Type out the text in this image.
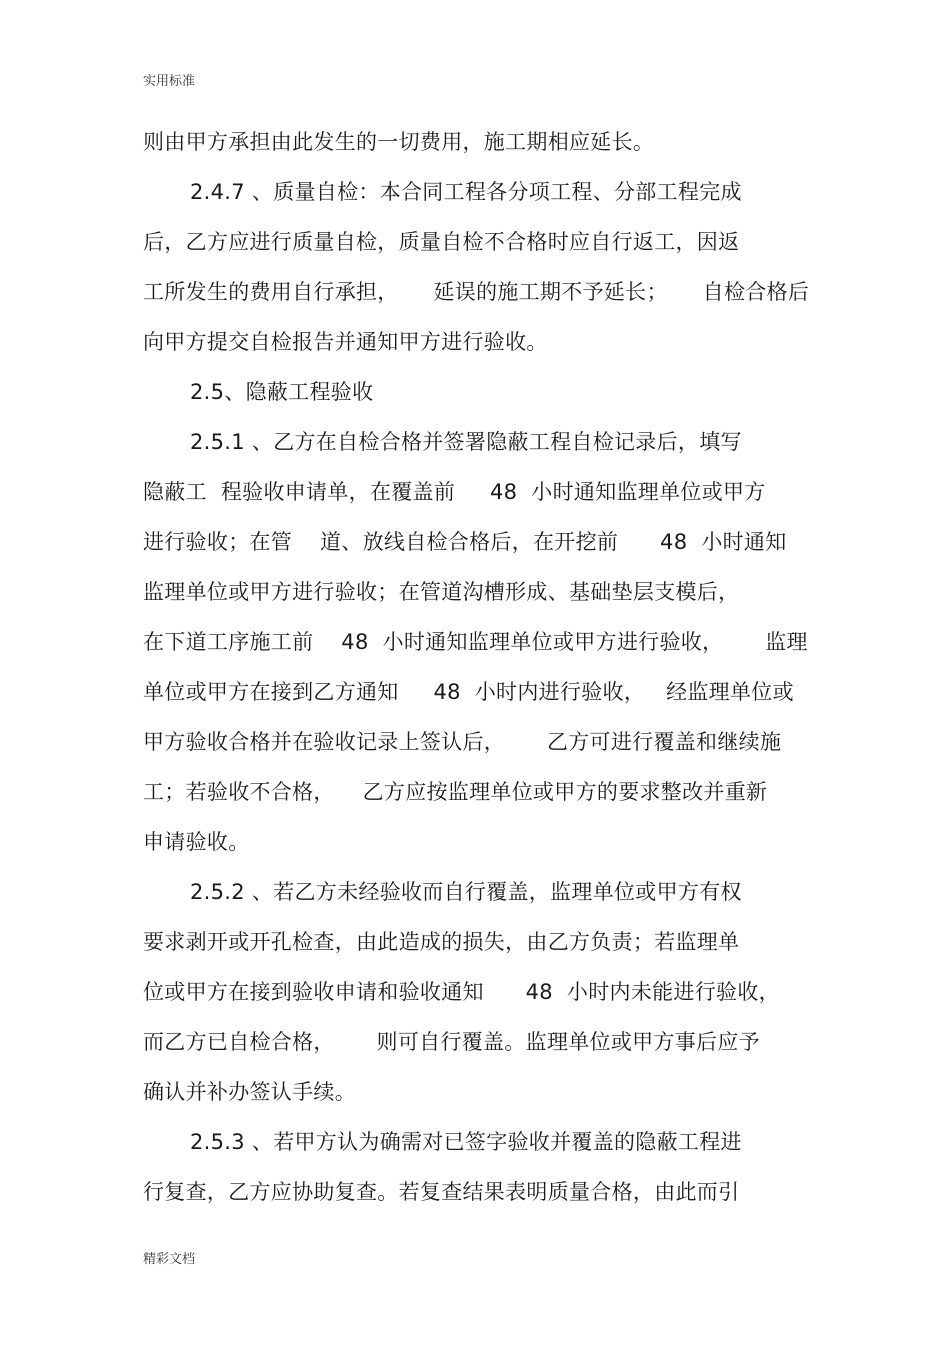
实用标准
则由甲方承担由此发生的一切费用，施工期相应延长。
2.4.7 、质量自检：本合同工程各分项工程、分部工程完成
后，乙方应进行质量自检，质量自检不合格时应自行返工，因返
工所发生的费用自行承担，     延误的施工期不予延长；     自检合格后
向甲方提交自检报告并通知甲方进行验收。
2.5、隐蔽工程验收
2.5.1 、乙方在自检合格并签署隐蔽工程自检记录后，填写
隐蔽工  程验收申请单，在覆盖前     48  小时通知监理单位或甲方
进行验收；在管    道、放线自检合格后，在开挖前      48  小时通知
监理单位或甲方进行验收；在管道沟槽形成、基础垫层支模后，
在下道工序施工前    48  小时通知监理单位或甲方进行验收，      监理
单位或甲方在接到乙方通知     48  小时内进行验收，   经监理单位或
甲方验收合格并在验收记录上签认后，      乙方可进行覆盖和继续施
工；若验收不合格，    乙方应按监理单位或甲方的要求整改并重新
申请验收。
2.5.2 、若乙方未经验收而自行覆盖，监理单位或甲方有权
要求剥开或开孔检查，由此造成的损失，由乙方负责；若监理单
位或甲方在接到验收申请和验收通知      48  小时内未能进行验收，
而乙方已自检合格，      则可自行覆盖。监理单位或甲方事后应予
确认并补办签认手续。
2.5.3 、若甲方认为确需对已签字验收并覆盖的隐蔽工程进
行复查，乙方应协助复查。若复查结果表明质量合格，由此而引
精彩文档
